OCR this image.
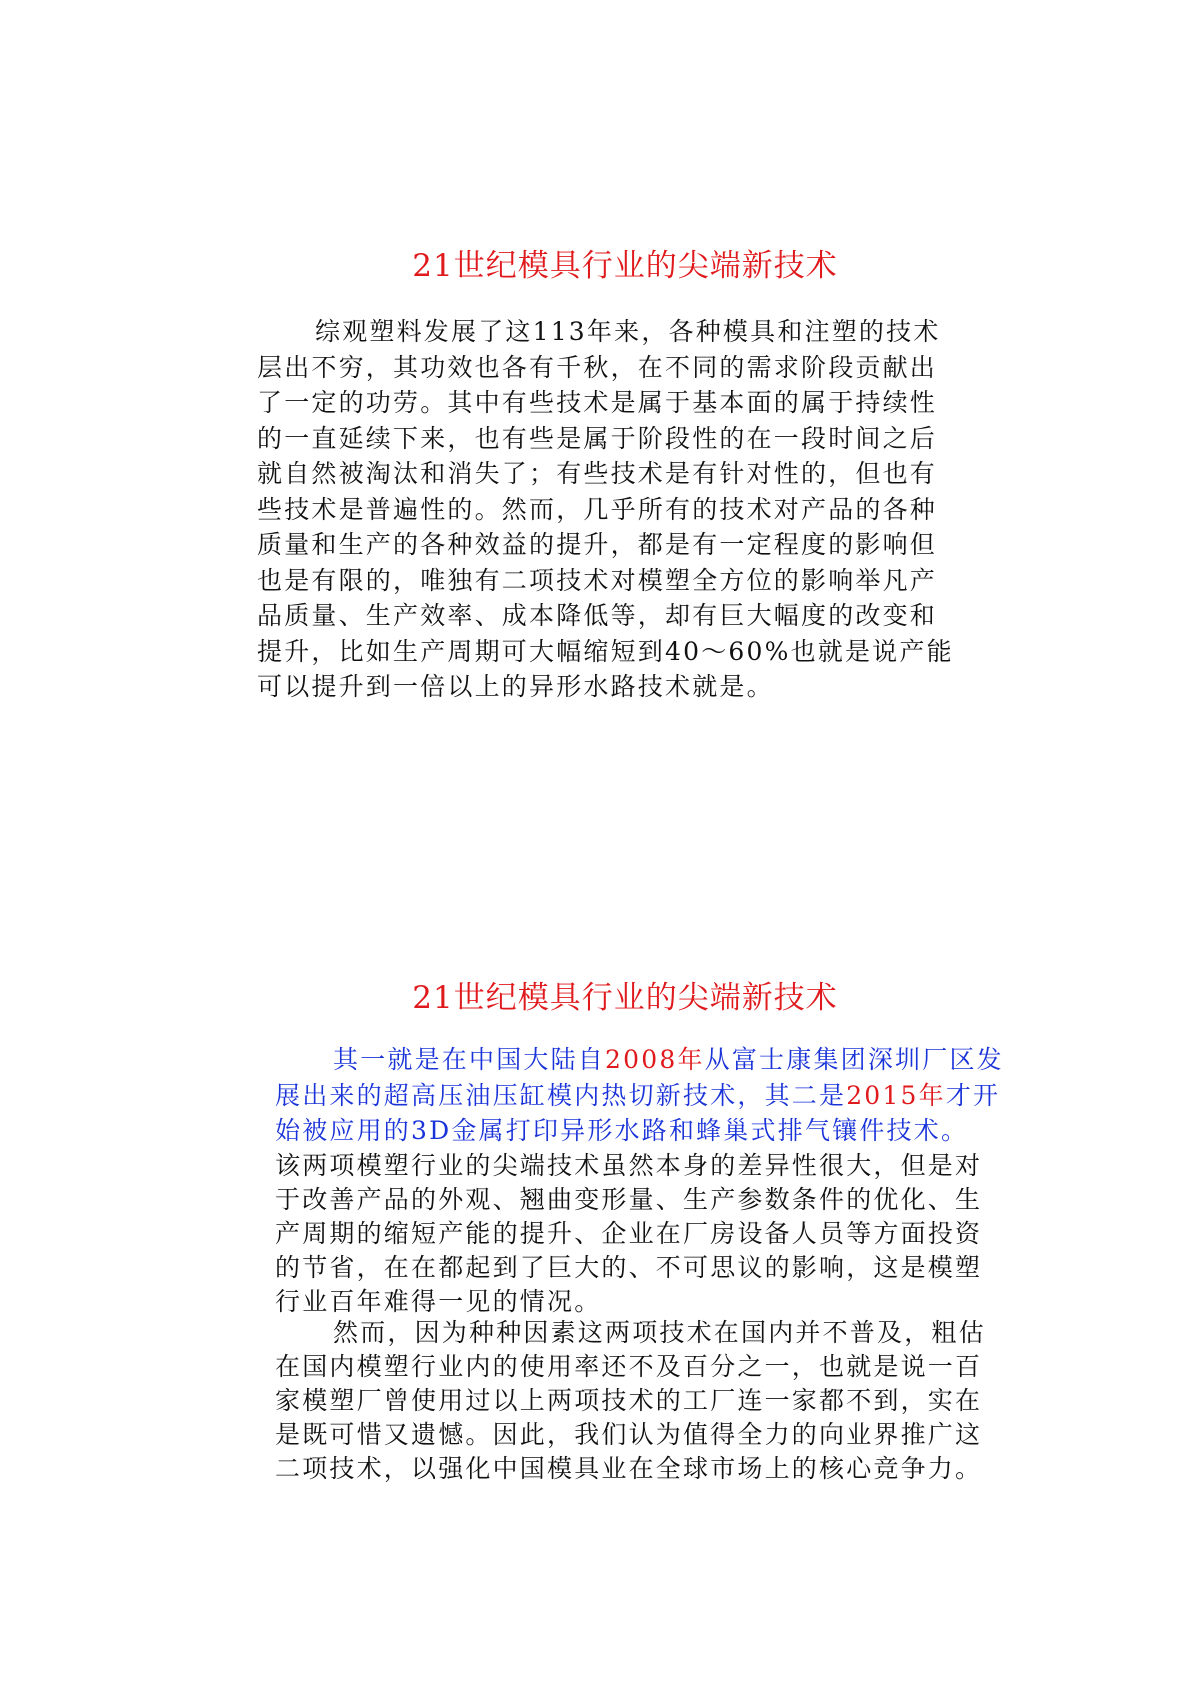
21世纪模具行业的尖端新技术
综观塑料发展了这113年来，各种模具和注塑的技术
层出不穷，其功效也各有千秋，在不同的需求阶段贡献出
了一定的功劳。其中有些技术是属于基本面的属于持续性
的一直延续下来，也有些是属于阶段性的在一段时间之后
就自然被淘汰和消失了；有些技术是有针对性的，但也有
些技术是普遍性的。然而，几乎所有的技术对产品的各种
质量和生产的各种效益的提升，都是有一定程度的影响但
也是有限的，唯独有二项技术对模塑全方位的影响举凡产
品质量、生产效率、成本降低等，却有巨大幅度的改变和
提升，比如生产周期可大幅缩短到40～60%也就是说产能
可以提升到一倍以上的异形水路技术就是。
21世纪模具行业的尖端新技术
其一就是在中国大陆自2008年从富士康集团深圳厂区发
展出来的超高压油压缸模内热切新技术，其二是2015年才开
始被应用的3D金属打印异形水路和蜂巢式排气镶件技术。
该两项模塑行业的尖端技术虽然本身的差异性很大，但是对
于改善产品的外观、翘曲变形量、生产参数条件的优化、生
产周期的缩短产能的提升、企业在厂房设备人员等方面投资
的节省，在在都起到了巨大的、不可思议的影响，这是模塑
行业百年难得一见的情况。
然而，因为种种因素这两项技术在国内并不普及，粗估
在国内模塑行业内的使用率还不及百分之一，也就是说一百
家模塑厂曾使用过以上两项技术的工厂连一家都不到，实在
是既可惜又遗憾。因此，我们认为值得全力的向业界推广这
二项技术，以强化中国模具业在全球市场上的核心竞争力。
